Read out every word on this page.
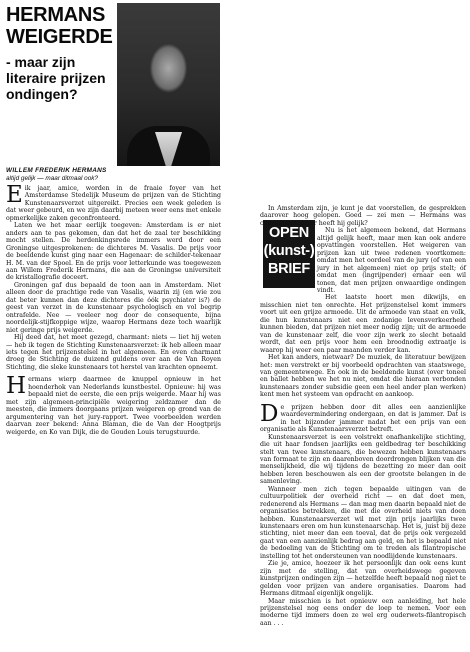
HERMANS
WEIGERDE
- maar zijn
literaire prijzen
ondingen?
WILLEM FREDERIK HERMANS
altijd gelijk — maar ditmaal ook?

Eik jaar, amice, worden in de fraaie foyer van het Amsterdamse Stedelijk Museum de prijzen van de Stichting Kunstenaarsverzet uitgereikt. Precies een week geleden is dat weer gebeurd, en we zijn daarbij meteen weer eens met enkele opmerkelijke zaken geconfronteerd.

Laten we het maar eerlijk toegeven: Amsterdam is er niet anders aan te pas gekomen, dan dat het de zaal ter beschikking mocht stellen. De herdenkingsrede immers werd door een Groningse uitgesprokenen: de dichteres M. Vasalis. De prijs voor de beeldende kunst ging naar een Hagenaar: de schilder-tekenaar H. M. van der Spoel. En de prijs voor letterkunde was toegewezen aan Willem Frederik Hermans, die aan de Groningse universiteit de kristallografie doceert.

Groningen gaf dus bepaald de toon aan in Amsterdam. Niet alleen door de prachtige rede van Vasalis, waarin zij (en wie zou dat beter kunnen dan deze dichteres die óók psychiater is?) de geest van verzet in de kunstenaar psychologisch en vol begrip ontrafelde. Nee — veeleer nog door de consequente, bijna noordelijk-stijfkoppige wijze, waarop Hermans deze toch waarlijk niet geringe prijs weigerde.

Hij deed dat, het moet gezegd, charmant: niets — liet hij weten — heb ik tegen de Stichting Kunstenaarsverzet: ik heb alleen maar iets tegen het prijzenstelsel in het algemeen. En even charmant droeg de Stichting de duizend guldens over aan de Van Royen Stichting, die sleke kunstenaars tot herstel van krachten opneemt.

Hermans wierp daarmee de knuppel opnieuw in het hoenderhok van Nederlands kunstbestel. Opnieuw: hij was bepaald niet de eerste, die een prijs weigerde. Maar hij was met zijn algemeen-principiële weigering zeldzamer dan de meesten, die immers doorgaans prijzen weigeren op grond van de argumentering van het jury-rapport. Twee voorbeelden werden daarvan zeer bekend: Anna Blaman, die de Van der Hoogtprijs weigerde, en Ko van Dijk, die de Gouden Louis terugstuurde.

OPEN
(kunst-)
BRIEF

In Amsterdam zijn, je kunt je dat voorstellen, de gesprekken daarover hoog gelopen. Goed — zei men — Hermans was consequent, maar heeft hij gelijk?

Nu is het algemeen bekend, dat Hermans altijd gelijk heeft, maar men kan ook andere opvattingen voorstellen. Het weigeren van prijzen kan uit twee redenen voortkomen: omdat men het oordeel van de jury (of van een jury in het algemeen) niet op prijs stelt; óf omdat men (ingrijpender) ernaar een wil tonen, dat men prijzen onwaardige ondingen vindt.

Het laatste hoort men dikwijls, en misschien niet ten onrechte. Het prijzenstelsel komt immers voort uit een grijze armoede. Uit de armoede van staat en volk, die hun kunstenaars niet een zodanige levensverkeerheid kunnen bieden, dat prijzen niet meer nodig zijn; uit de armoede van de kunstenaar zelf, die voor zijn werk zo slecht betaald wordt, dat een prijs voor hem een broodnodig extraatje is waarop hij weer een paar maanden verder kan.

Het kan anders, nietwaar? De muziek, de literatuur bewijzen het: men verstrekt er bij voorbeeld opdrachten van staatswege, van gemeentewege. En ook in de beeldende kunst (over toneel en ballet hebben we het nu niet, omdat die hieraan verbonden kunstenaars zonder subsidie geen een heel ander plan werken) kent men het systeem van opdracht en aankoop.

De prijzen hebben door dit alles een aanzienlijke waardevermindering ondergaan, en dat is jammer. Dat is in het bijzonder jammer nadat het een prijs van een organisatie als Kunstenaarsverzet betreft.

Kunstenaarsverzet is een volstrekt onafhankelijke stichting, die uit haar fondsen jaarlijks een geldbedrag ter beschikking stelt van twee kunstenaars, die bewezen hebben kunstenaars van formaat te zijn en daarenboven doordrongen blijken van die menselijkheid, die wij tijdens de bezetting zo meer dan ooit hebben leren beschouwen als een der grootste belangen in de samenleving.

Wanneer men zich tegen bepaalde uitingen van de cultuurpolitiek der overheid richt — en dat doet men, redenerend als Hermans — dan mag men daarin bepaald niet de organisaties betrekken, die met die overheid niets van doen hebben. Kunstenaarsverzet wil met zijn prijs jaarlijks twee kunstenaars eren om hun kunstenaarschap. Het is, juist bij deze stichting, niet meer dan een toeval, dat de prijs ook vergezeld gaat van een aanzienlijk bedrag aan geld, en het is bepaald niet de bedoeling van de Stichting om te treden als filantropische instelling tot het ondersteunen van noodlijdende kunstenaars.

Zie je, amice, hoezeer ik het persoonlijk dan ook eens kunt zijn met de stelling, dat van overheidswege gegeven kunstprijzen ondingen zijn — hetzelfde heeft bepaald nog niet te gelden voor prijzen van andere organisaties. Daarom had Hermans ditmaal eigenlijk ongelijk.

Maar misschien is het opnieuw een aanleiding, het hele prijzenstelsel nog eens onder de loep te nemen. Voor een moderne tijd immers doen ze wel erg ouderwets-filantropisch aan . . .
